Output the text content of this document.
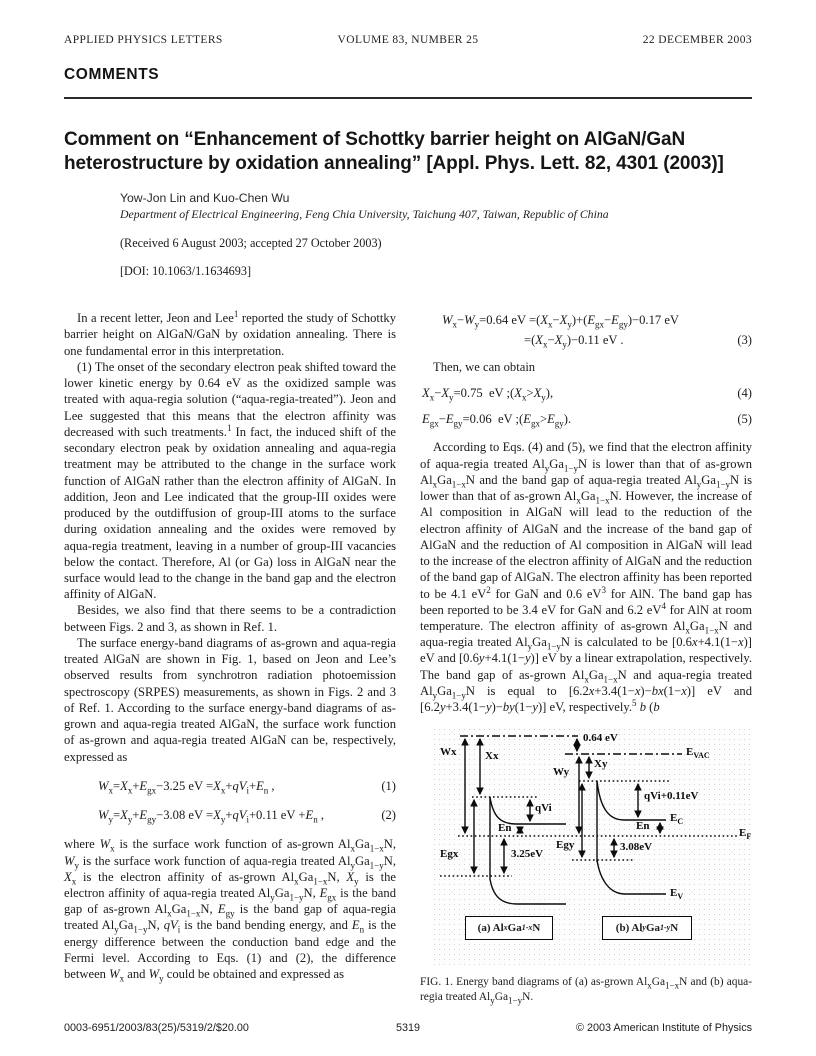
APPLIED PHYSICS LETTERS	VOLUME 83, NUMBER 25	22 DECEMBER 2003
COMMENTS
Comment on “Enhancement of Schottky barrier height on AlGaN/GaN heterostructure by oxidation annealing” [Appl. Phys. Lett. 82, 4301 (2003)]
Yow-Jon Lin and Kuo-Chen Wu
Department of Electrical Engineering, Feng Chia University, Taichung 407, Taiwan, Republic of China
(Received 6 August 2003; accepted 27 October 2003)
[DOI: 10.1063/1.1634693]

In a recent letter, Jeon and Lee$^1$ reported the study of Schottky barrier height on AlGaN/GaN by oxidation annealing. There is one fundamental error in this interpretation.

(1) The onset of the secondary electron peak shifted toward the lower kinetic energy by 0.64 eV as the oxidized sample was treated with aqua-regia solution (“aqua-regia-treated”). Jeon and Lee suggested that this means that the electron affinity was decreased with such treatments.$^1$ In fact, the induced shift of the secondary electron peak by oxidation annealing and aqua-regia treatment may be attributed to the change in the surface work function of AlGaN rather than the electron affinity of AlGaN. In addition, Jeon and Lee indicated that the group-III oxides were produced by the outdiffusion of group-III atoms to the surface during oxidation annealing and the oxides were removed by aqua-regia treatment, leaving in a number of group-III vacancies below the contact. Therefore, Al (or Ga) loss in AlGaN near the surface would lead to the change in the band gap and the electron affinity of AlGaN.

Besides, we also find that there seems to be a contradiction between Figs. 2 and 3, as shown in Ref. 1.

The surface energy-band diagrams of as-grown and aqua-regia treated AlGaN are shown in Fig. 1, based on Jeon and Lee’s observed results from synchrotron radiation photoemission spectroscopy (SRPES) measurements, as shown in Figs. 2 and 3 of Ref. 1. According to the surface energy-band diagrams of as-grown and aqua-regia treated AlGaN, the surface work function of as-grown and aqua-regia treated AlGaN can be, respectively, expressed as

$W_x=X_x+E_{gx}-3.25$ eV $=X_x+qV_i+E_n$ ,	(1)
$W_y=X_y+E_{gy}-3.08$ eV $=X_y+qV_i+0.11$ eV $+E_n$ ,	(2)

where $W_x$ is the surface work function of as-grown $Al_xGa_{1-x}N$, $W_y$ is the surface work function of aqua-regia treated $Al_yGa_{1-y}N$, $X_x$ is the electron affinity of as-grown $Al_xGa_{1-x}N$, $X_y$ is the electron affinity of aqua-regia treated $Al_yGa_{1-y}N$, $E_{gx}$ is the band gap of as-grown $Al_xGa_{1-x}N$, $E_{gy}$ is the band gap of aqua-regia treated $Al_yGa_{1-y}N$, $qV_i$ is the band bending energy, and $E_n$ is the energy difference between the conduction band edge and the Fermi level. According to Eqs. (1) and (2), the difference between $W_x$ and $W_y$ could be obtained and expressed as

$W_x-W_y=0.64$ eV $=(X_x-X_y)+(E_{gx}-E_{gy})-0.17$ eV
$=(X_x-X_y)-0.11$ eV .	(3)

Then, we can obtain

$X_x-X_y=0.75$  eV $;(X_x>X_y)$,	(4)
$E_{gx}-E_{gy}=0.06$  eV $;(E_{gx}>E_{gy})$.	(5)

According to Eqs. (4) and (5), we find that the electron affinity of aqua-regia treated $Al_yGa_{1-y}N$ is lower than that of as-grown $Al_xGa_{1-x}N$ and the band gap of aqua-regia treated $Al_yGa_{1-y}N$ is lower than that of as-grown $Al_xGa_{1-x}N$. However, the increase of Al composition in AlGaN will lead to the reduction of the electron affinity of AlGaN and the increase of the band gap of AlGaN and the reduction of Al composition in AlGaN will lead to the increase of the electron affinity of AlGaN and the reduction of the band gap of AlGaN. The electron affinity has been reported to be 4.1 $eV^2$ for GaN and 0.6 $eV^3$ for AlN. The band gap has been reported to be 3.4 eV for GaN and 6.2 $eV^4$ for AlN at room temperature. The electron affinity of as-grown $Al_xGa_{1-x}N$ and aqua-regia treated $Al_yGa_{1-y}N$ is calculated to be [0.6x+4.1(1−x)] eV and [0.6y+4.1(1−y)] eV by a linear extrapolation, respectively. The band gap of as-grown $Al_xGa_{1-x}N$ and aqua-regia treated $Al_yGa_{1-y}N$ is equal to [6.2x+3.4(1−x)−bx(1−x)] eV and [6.2y+3.4(1−y)−by(1−y)] eV, respectively.$^5$ b (b

Wx	Xx
0.64 eV
$E_{VAC}$
Wy
Xy
qVi
En
qVi+0.11eV
En
$E_C$
$E_F$
Egx	3.25eV
Egy	3.08eV
$E_V$
(a) Al x Ga 1-x N	(b) Al y Ga 1-y N
FIG. 1. Energy band diagrams of (a) as-grown $Al_xGa_{1-x}N$ and (b) aqua-regia treated $Al_yGa_{1-y}N$.
0003-6951/2003/83(25)/5319/2/$20.00	5319	© 2003 American Institute of Physics
